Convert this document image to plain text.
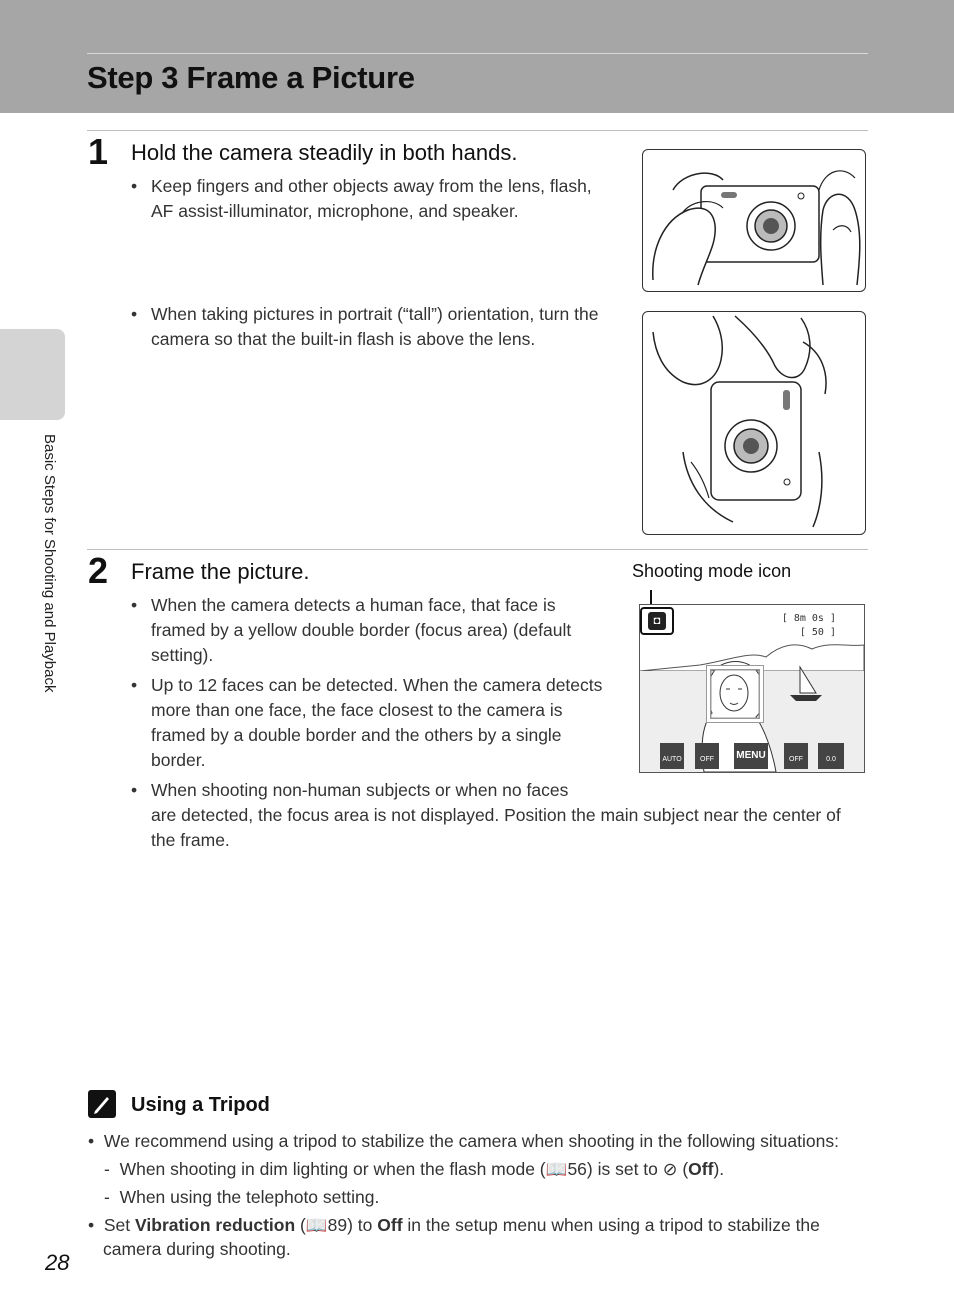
Step 3 Frame a Picture
Basic Steps for Shooting and Playback
1 Hold the camera steadily in both hands.
• Keep fingers and other objects away from the lens, flash, AF assist-illuminator, microphone, and speaker.
• When taking pictures in portrait (“tall”) orientation, turn the camera so that the built-in flash is above the lens.
2 Frame the picture.	Shooting mode icon
• When the camera detects a human face, that face is framed by a yellow double border (focus area) (default setting).
• Up to 12 faces can be detected. When the camera detects more than one face, the face closest to the camera is framed by a double border and the others by a single border.
• When shooting non-human subjects or when no faces
are detected, the focus area is not displayed. Position the main subject near the center of the frame.
◘	[ 8m 0s ]
[ 50 ]
AUTO	OFF	MENU	OFF	0.0
Using a Tripod
• We recommend using a tripod to stabilize the camera when shooting in the following situations:
-  When shooting in dim lighting or when the flash mode (📖56) is set to ⊘ (Off).
-  When using the telephoto setting.
• Set Vibration reduction (📖89) to Off in the setup menu when using a tripod to stabilize the
camera during shooting.
28
